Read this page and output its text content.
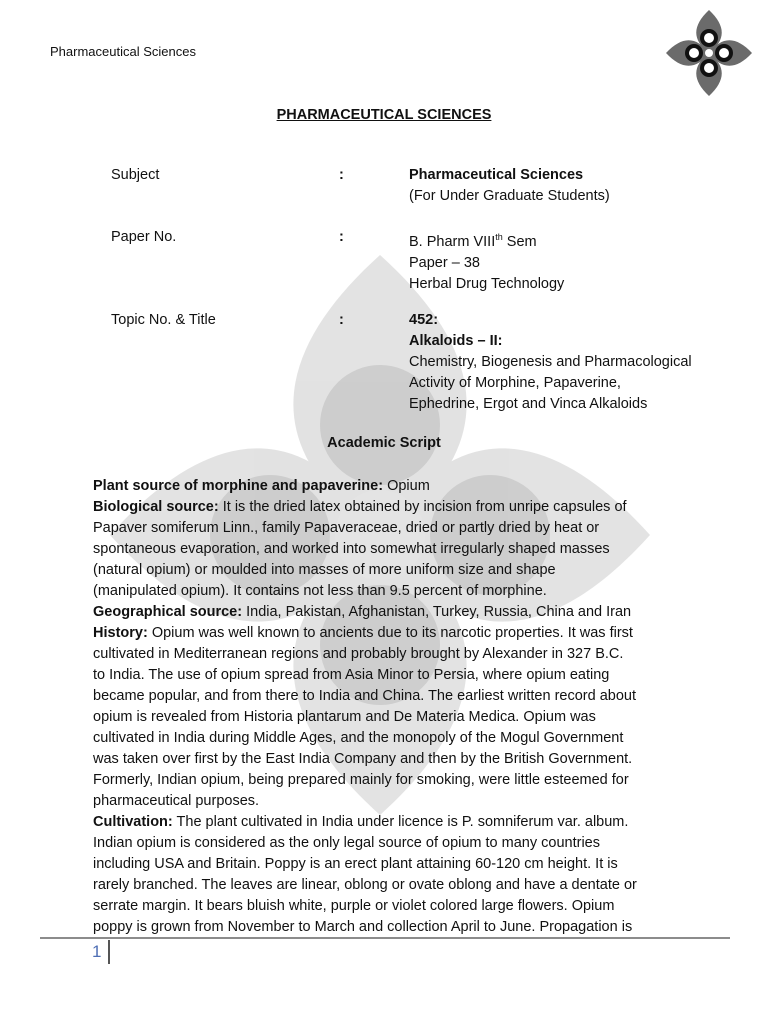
Pharmaceutical Sciences
PHARMACEUTICAL SCIENCES
Subject	:	Pharmaceutical Sciences
(For Under Graduate Students)
Paper No.	:	B. Pharm VIIIth Sem
Paper – 38
Herbal Drug Technology
Topic No. & Title	:	452:
Alkaloids – II:
Chemistry, Biogenesis and Pharmacological
Activity of Morphine, Papaverine,
Ephedrine, Ergot and Vinca Alkaloids
Academic Script
Plant source of morphine and papaverine: Opium
Biological source: It is the dried latex obtained by incision from unripe capsules of
Papaver somiferum Linn., family Papaveraceae, dried or partly dried by heat or
spontaneous evaporation, and worked into somewhat irregularly shaped masses
(natural opium) or moulded into masses of more uniform size and shape
(manipulated opium). It contains not less than 9.5 percent of morphine.
Geographical source: India, Pakistan, Afghanistan, Turkey, Russia, China and Iran
History: Opium was well known to ancients due to its narcotic properties. It was first
cultivated in Mediterranean regions and probably brought by Alexander in 327 B.C.
to India. The use of opium spread from Asia Minor to Persia, where opium eating
became popular, and from there to India and China. The earliest written record about
opium is revealed from Historia plantarum and De Materia Medica. Opium was
cultivated in India during Middle Ages, and the monopoly of the Mogul Government
was taken over first by the East India Company and then by the British Government.
Formerly, Indian opium, being prepared mainly for smoking, were little esteemed for
pharmaceutical purposes.
Cultivation: The plant cultivated in India under licence is P. somniferum var. album.
Indian opium is considered as the only legal source of opium to many countries
including USA and Britain. Poppy is an erect plant attaining 60-120 cm height. It is
rarely branched. The leaves are linear, oblong or ovate oblong and have a dentate or
serrate margin. It bears bluish white, purple or violet colored large flowers. Opium
poppy is grown from November to March and collection April to June. Propagation is
1
